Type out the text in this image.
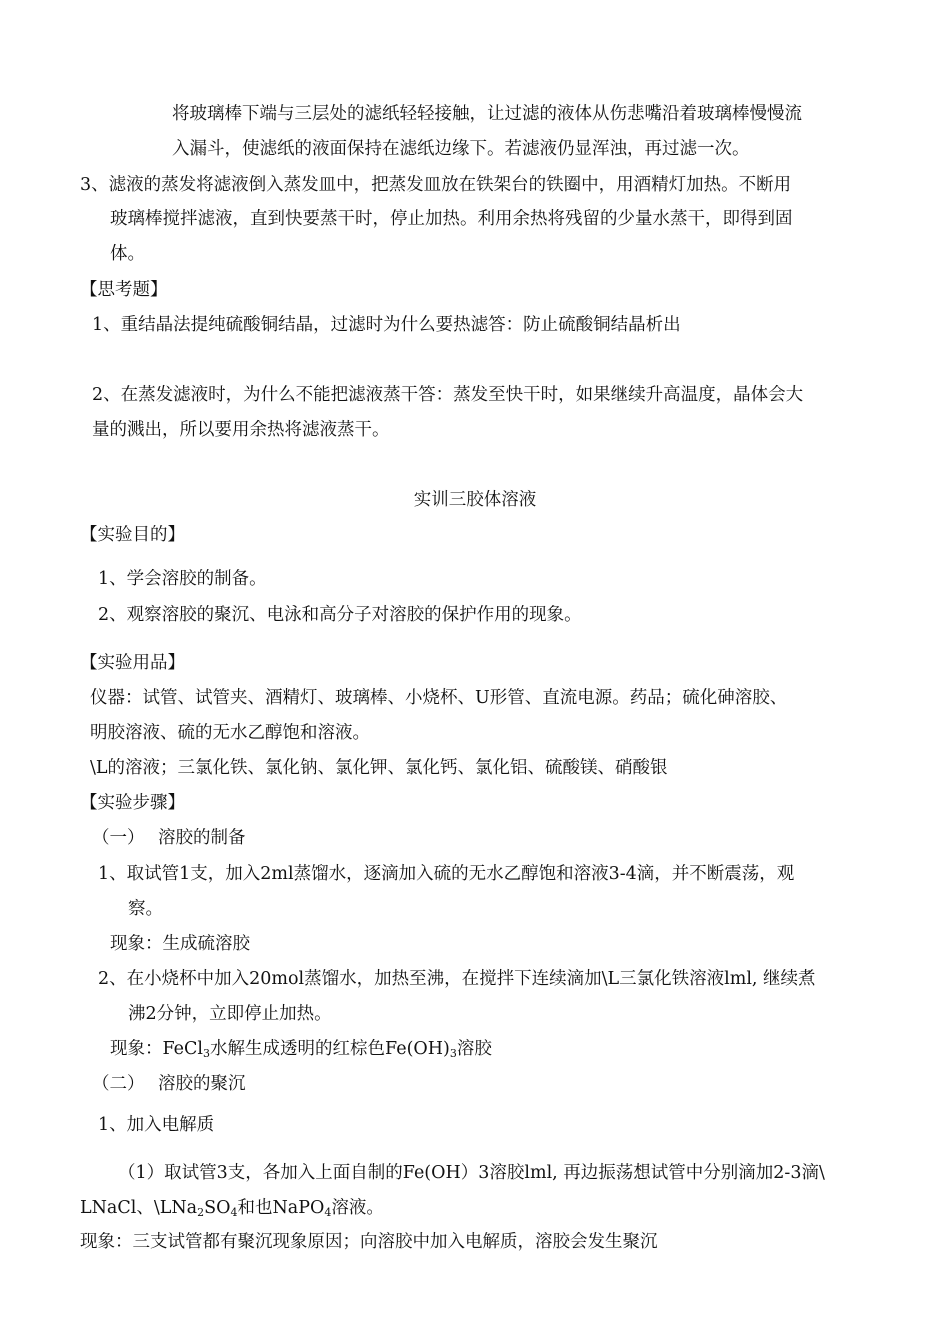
将玻璃棒下端与三层处的滤纸轻轻接触，让过滤的液体从伤悲嘴沿着玻璃棒慢慢流
入漏斗，使滤纸的液面保持在滤纸边缘下。若滤液仍显浑浊，再过滤一次。
3、滤液的蒸发将滤液倒入蒸发皿中，把蒸发皿放在铁架台的铁圈中，用酒精灯加热。不断用
玻璃棒搅拌滤液，直到快要蒸干时，停止加热。利用余热将残留的少量水蒸干，即得到固
体。
【思考题】
1、重结晶法提纯硫酸铜结晶，过滤时为什么要热滤答：防止硫酸铜结晶析出
2、在蒸发滤液时，为什么不能把滤液蒸干答：蒸发至快干时，如果继续升高温度，晶体会大
量的溅出，所以要用余热将滤液蒸干。
实训三胶体溶液
【实验目的】
1、学会溶胶的制备。
2、观察溶胶的聚沉、电泳和高分子对溶胶的保护作用的现象。
【实验用品】
仪器：试管、试管夹、酒精灯、玻璃棒、小烧杯、U形管、直流电源。药品；硫化砷溶胶、
明胶溶液、硫的无水乙醇饱和溶液。
\L的溶液；三氯化铁、氯化钠、氯化钾、氯化钙、氯化铝、硫酸镁、硝酸银
【实验步骤】
（一） 溶胶的制备
1、取试管1支，加入2ml蒸馏水，逐滴加入硫的无水乙醇饱和溶液3-4滴，并不断震荡，观
察。
现象：生成硫溶胶
2、在小烧杯中加入20mol蒸馏水，加热至沸，在搅拌下连续滴加\L三氯化铁溶液lml, 继续煮
沸2分钟，立即停止加热。
现象：FeCl$_3$水解生成透明的红棕色$Fe(OH)_3$溶胶
（二） 溶胶的聚沉
1、加入电解质
（1）取试管3支，各加入上面自制的Fe(OH）3溶胶lml, 再边振荡想试管中分别滴加2-3滴\
LNaCl、$\backslash LNa_2SO_4$和也NaPO$_4$溶液。
现象：三支试管都有聚沉现象原因；向溶胶中加入电解质，溶胶会发生聚沉
